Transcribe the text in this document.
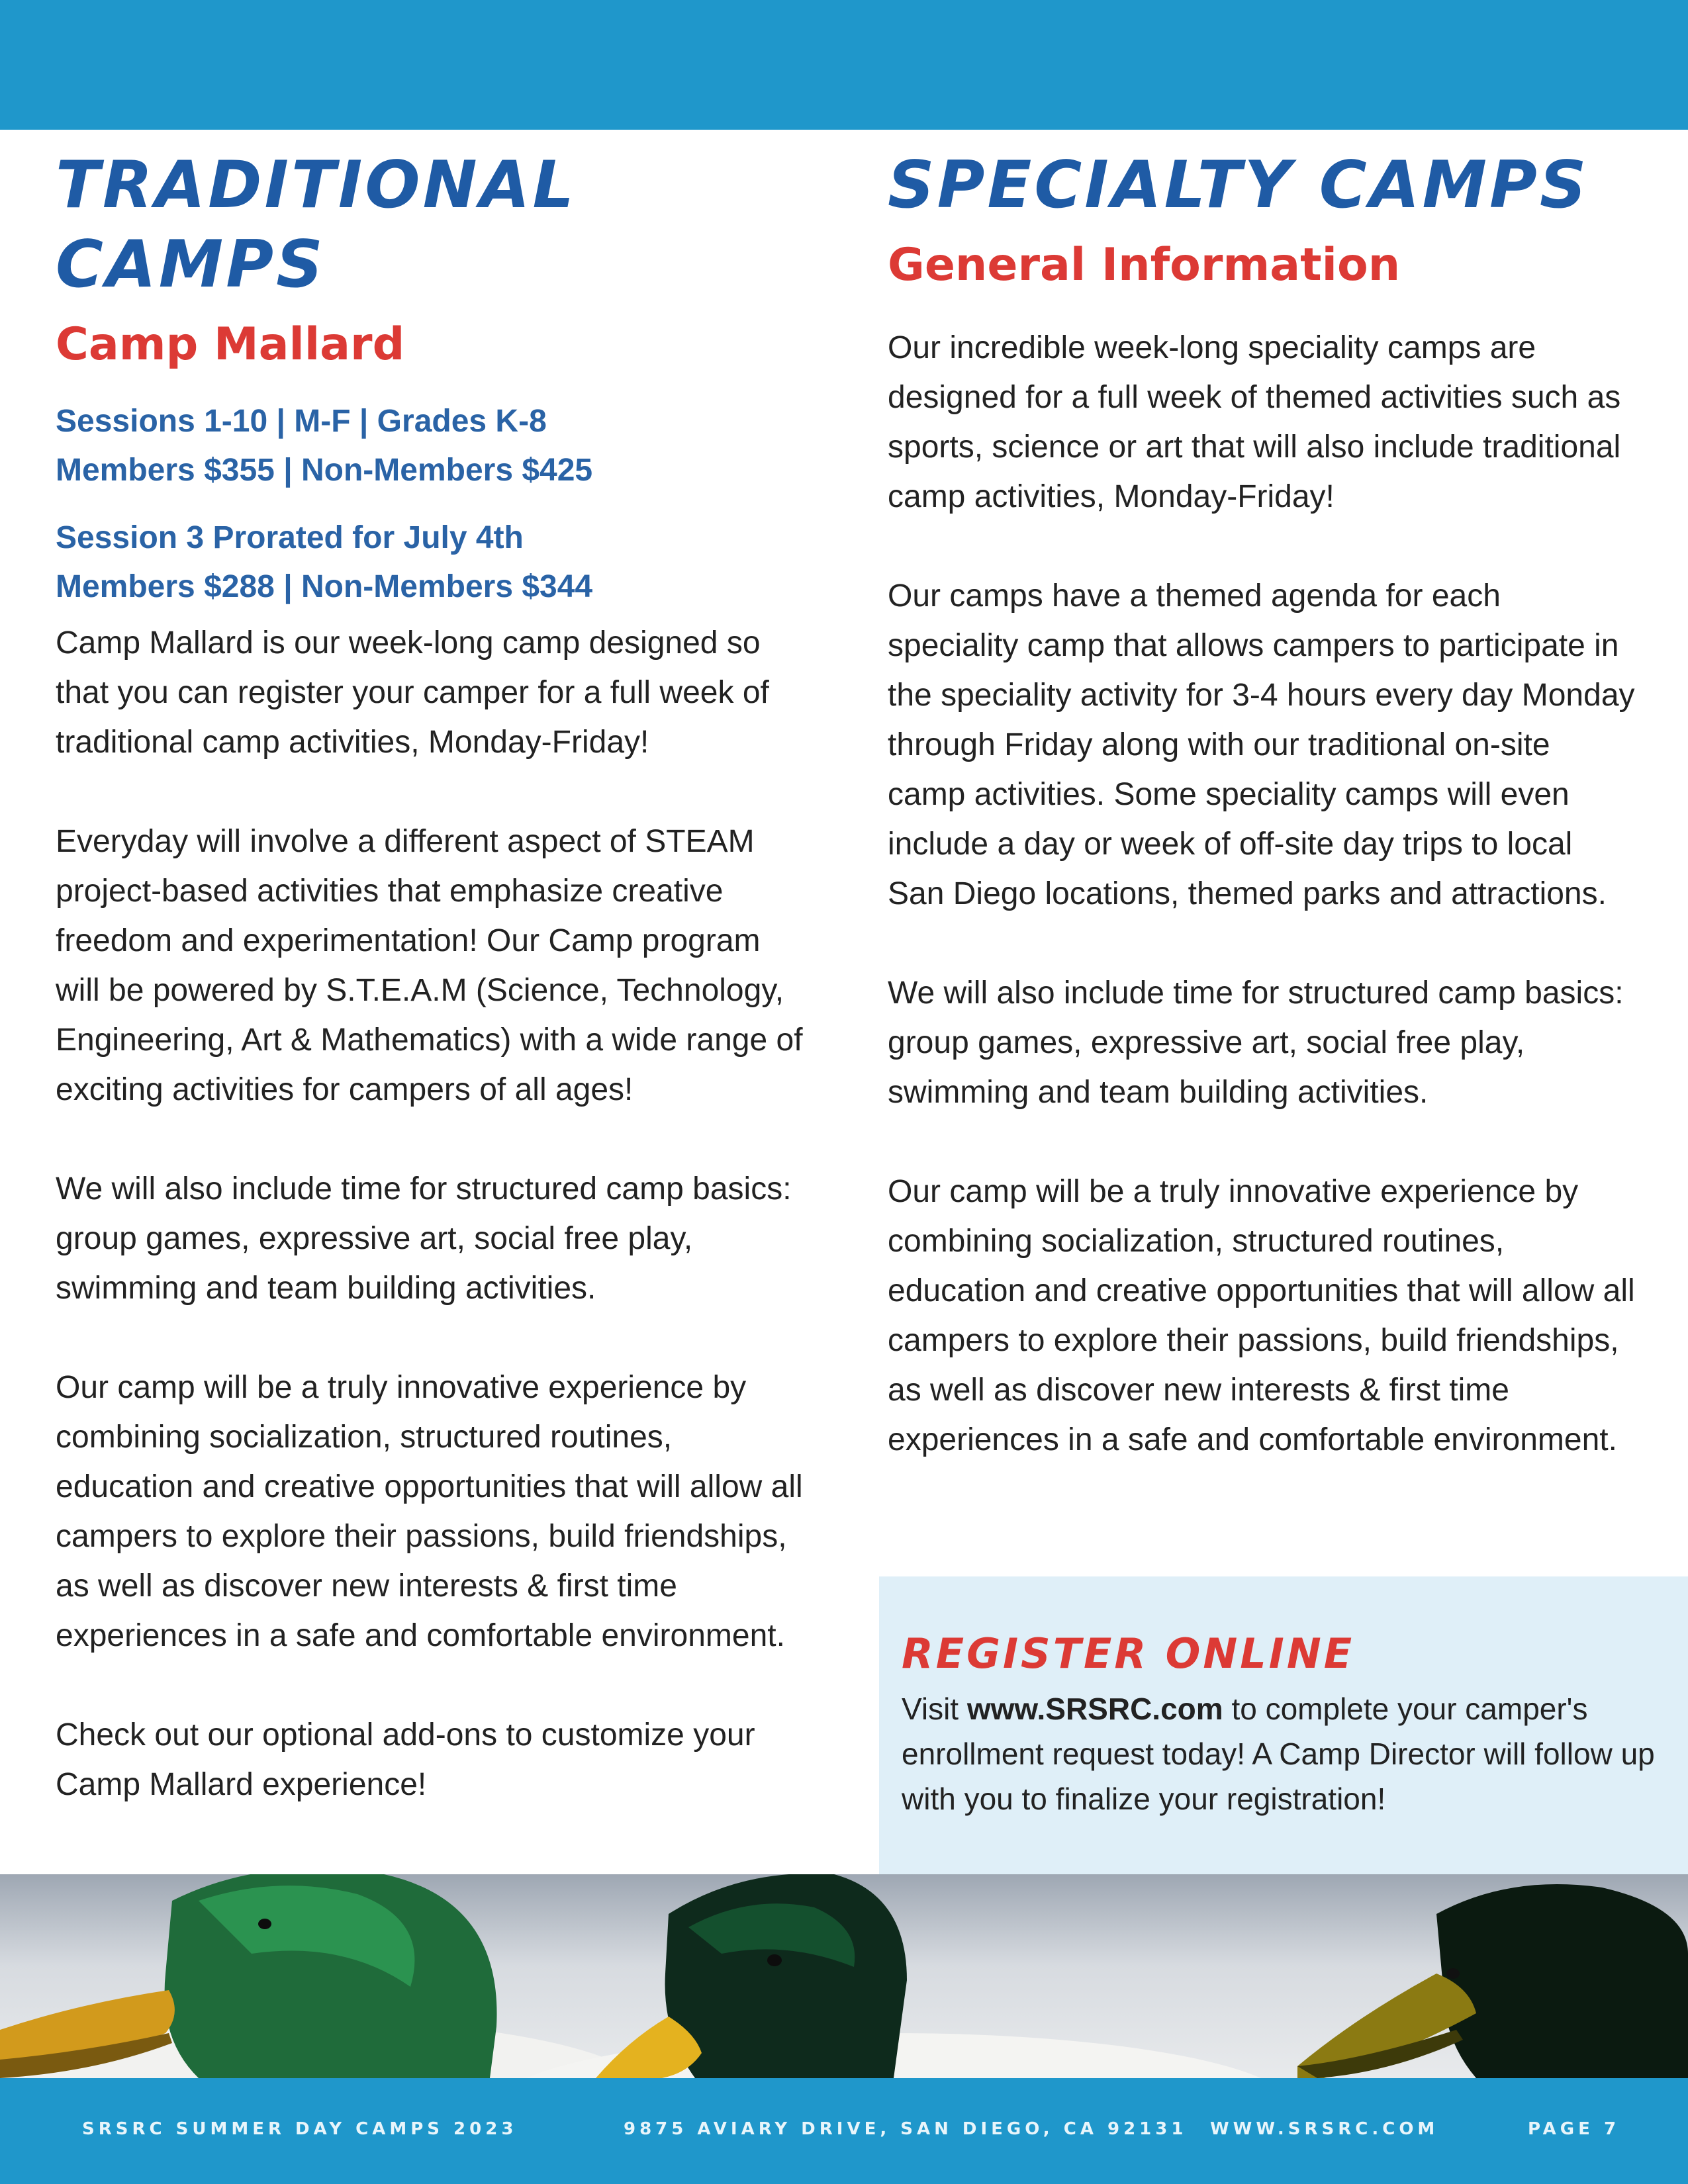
TRADITIONAL CAMPS
Camp Mallard

Sessions 1-10 | M-F | Grades K-8

Members $355 | Non-Members $425

Session 3 Prorated for July 4th

Members $288 | Non-Members $344

Camp Mallard is our week-long camp designed so that you can register your camper for a full week of traditional camp activities, Monday-Friday!

Everyday will involve a different aspect of STEAM project-based activities that emphasize creative freedom and experimentation! Our Camp program will be powered by S.T.E.A.M (Science, Technology, Engineering, Art & Mathematics) with a wide range of exciting activities for campers of all ages!

We will also include time for structured camp basics: group games, expressive art, social free play, swimming and team building activities.

Our camp will be a truly innovative experience by combining socialization, structured routines, education and creative opportunities that will allow all campers to explore their passions, build friendships, as well as discover new interests & first time experiences in a safe and comfortable environment.

Check out our optional add-ons to customize your Camp Mallard experience!

SPECIALTY CAMPS
General Information

Our incredible week-long speciality camps are designed for a full week of themed activities such as sports, science or art that will also include traditional camp activities, Monday-Friday!

Our camps have a themed agenda for each speciality camp that allows campers to participate in the speciality activity for 3-4 hours every day Monday through Friday along with our traditional on-site camp activities. Some speciality camps will even include a day or week of off-site day trips to local San Diego locations, themed parks and attractions.

We will also include time for structured camp basics: group games, expressive art, social free play, swimming and team building activities.

Our camp will be a truly innovative experience by combining socialization, structured routines, education and creative opportunities that will allow all campers to explore their passions, build friendships, as well as discover new interests & first time experiences in a safe and comfortable environment.

REGISTER ONLINE

Visit www.SRSRC.com to complete your camper's enrollment request today! A Camp Director will follow up with you to finalize your registration!

SRSRC SUMMER DAY CAMPS 2023	9875 AVIARY DRIVE, SAN DIEGO, CA 92131 WWW.SRSRC.COM	PAGE 7
